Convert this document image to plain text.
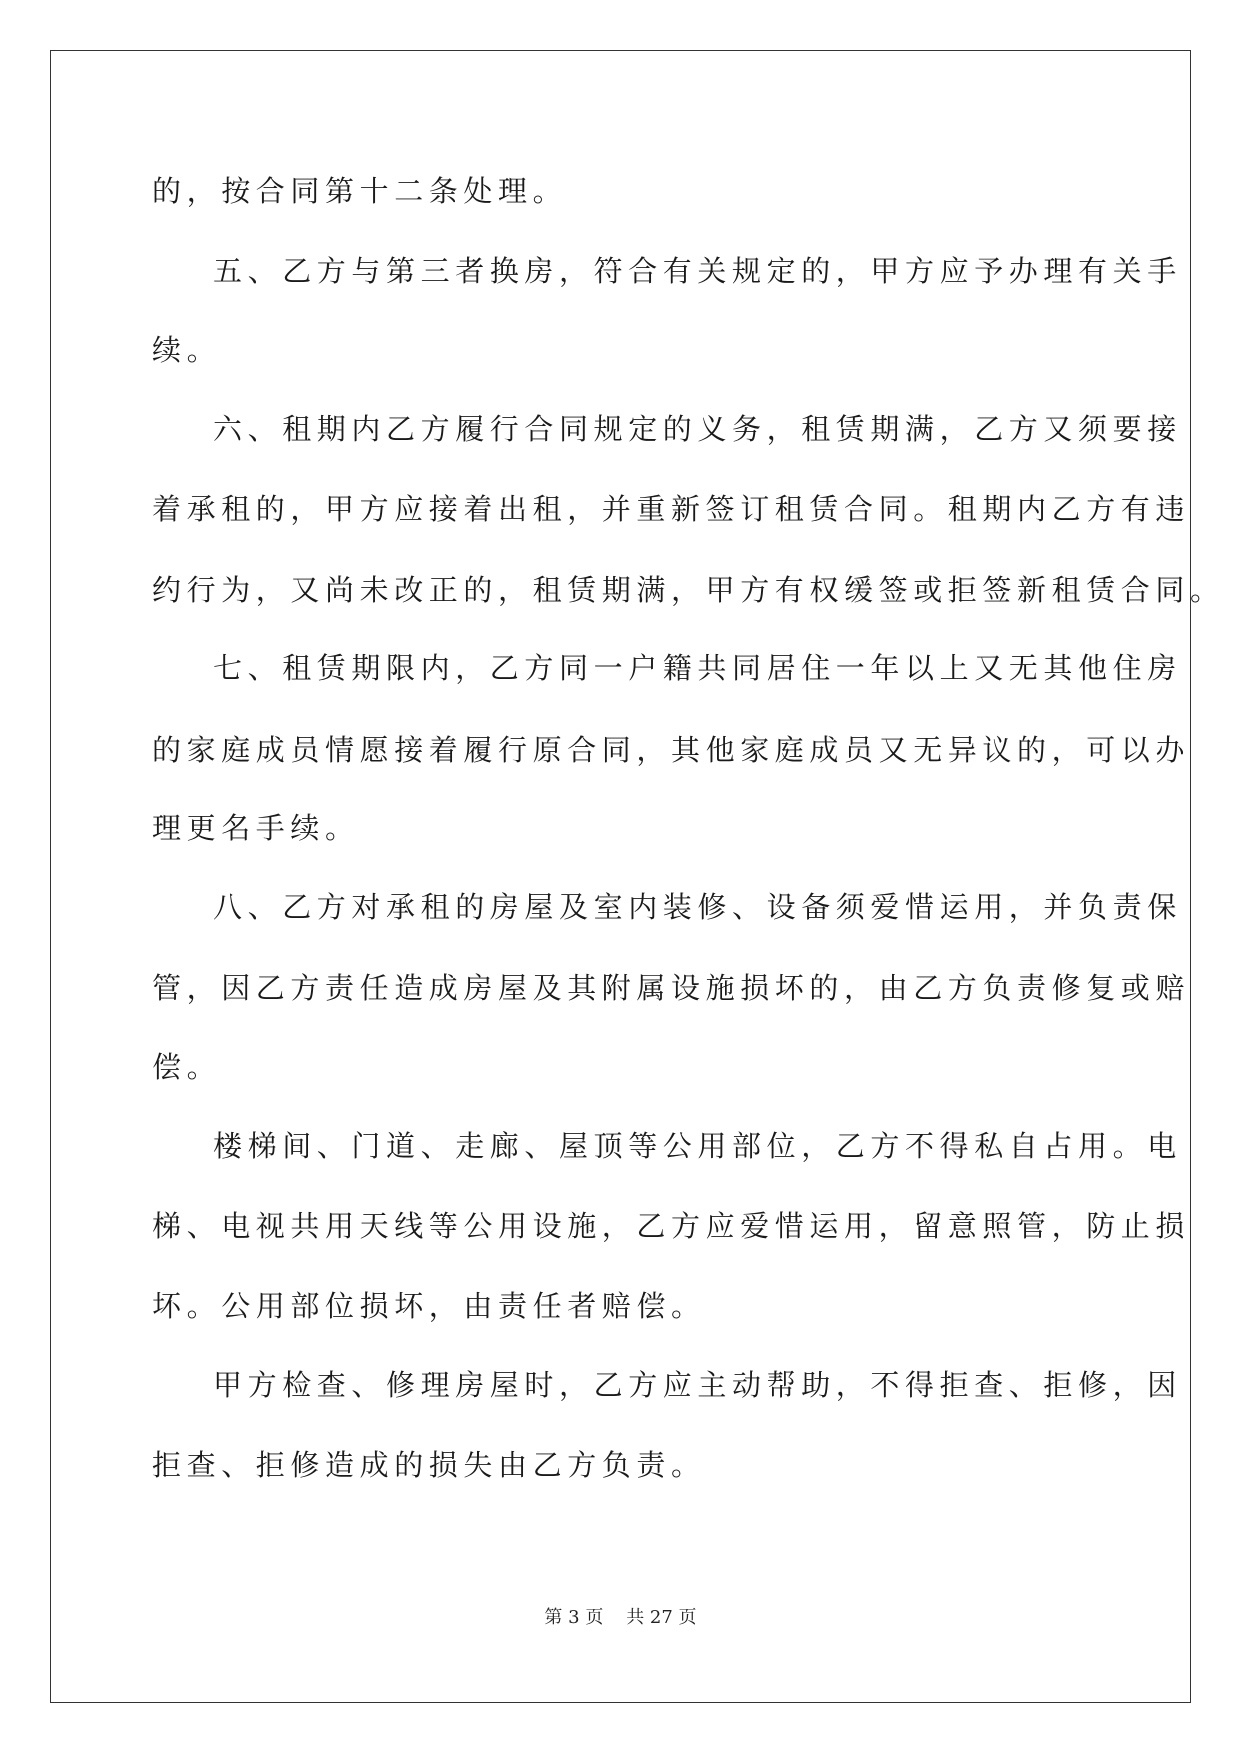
的，按合同第十二条处理。
五、乙方与第三者换房，符合有关规定的，甲方应予办理有关手
续。
六、租期内乙方履行合同规定的义务，租赁期满，乙方又须要接
着承租的，甲方应接着出租，并重新签订租赁合同。租期内乙方有违
约行为，又尚未改正的，租赁期满，甲方有权缓签或拒签新租赁合同。
七、租赁期限内，乙方同一户籍共同居住一年以上又无其他住房
的家庭成员情愿接着履行原合同，其他家庭成员又无异议的，可以办
理更名手续。
八、乙方对承租的房屋及室内装修、设备须爱惜运用，并负责保
管，因乙方责任造成房屋及其附属设施损坏的，由乙方负责修复或赔
偿。
楼梯间、门道、走廊、屋顶等公用部位，乙方不得私自占用。电
梯、电视共用天线等公用设施，乙方应爱惜运用，留意照管，防止损
坏。公用部位损坏，由责任者赔偿。
甲方检查、修理房屋时，乙方应主动帮助，不得拒查、拒修，因
拒查、拒修造成的损失由乙方负责。
第 3 页    共 27 页
